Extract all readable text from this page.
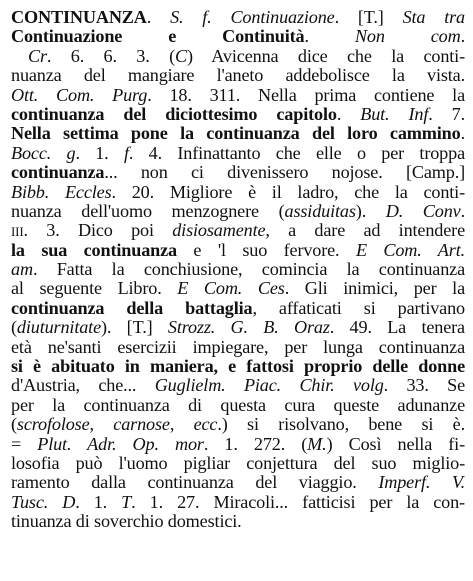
CONTINUANZA. S. f. Continuazione. [T.] Sta tra
Continuazione e Continuità. Non com.
Cr. 6. 6. 3. (C) Avicenna dice che la conti-
nuanza del mangiare l'aneto addebolisce la vista.
Ott. Com. Purg. 18. 311. Nella prima contiene la
continuanza del diciottesimo capitolo. But. Inf. 7.
Nella settima pone la continuanza del loro cammino.
Bocc. g. 1. f. 4. Infinattanto che elle o per troppa
continuanza... non ci divenissero nojose. [Camp.]
Bibb. Eccles. 20. Migliore è il ladro, che la conti-
nuanza dell'uomo menzognere (assiduitas). D. Conv.
iii. 3. Dico poi disiosamente, a dare ad intendere
la sua continuanza e 'l suo fervore. E Com. Art.
am. Fatta la conchiusione, comincia la continuanza
al seguente Libro. E Com. Ces. Gli inimici, per la
continuanza della battaglia, affaticati si partivano
(diuturnitate). [T.] Strozz. G. B. Oraz. 49. La tenera
età ne'santi esercizii impiegare, per lunga continuanza
si è abituato in maniera, e fattosi proprio delle donne
d'Austria, che... Guglielm. Piac. Chir. volg. 33. Se
per la continuanza di questa cura queste adunanze
(scrofolose, carnose, ecc.) si risolvano, bene si è.
= Plut. Adr. Op. mor. 1. 272. (M.) Così nella fi-
losofia può l'uomo pigliar conjettura del suo miglio-
ramento dalla continuanza del viaggio. Imperf. V.
Tusc. D. 1. T. 1. 27. Miracoli... fatticisi per la con-
tinuanza di soverchio domestici.
